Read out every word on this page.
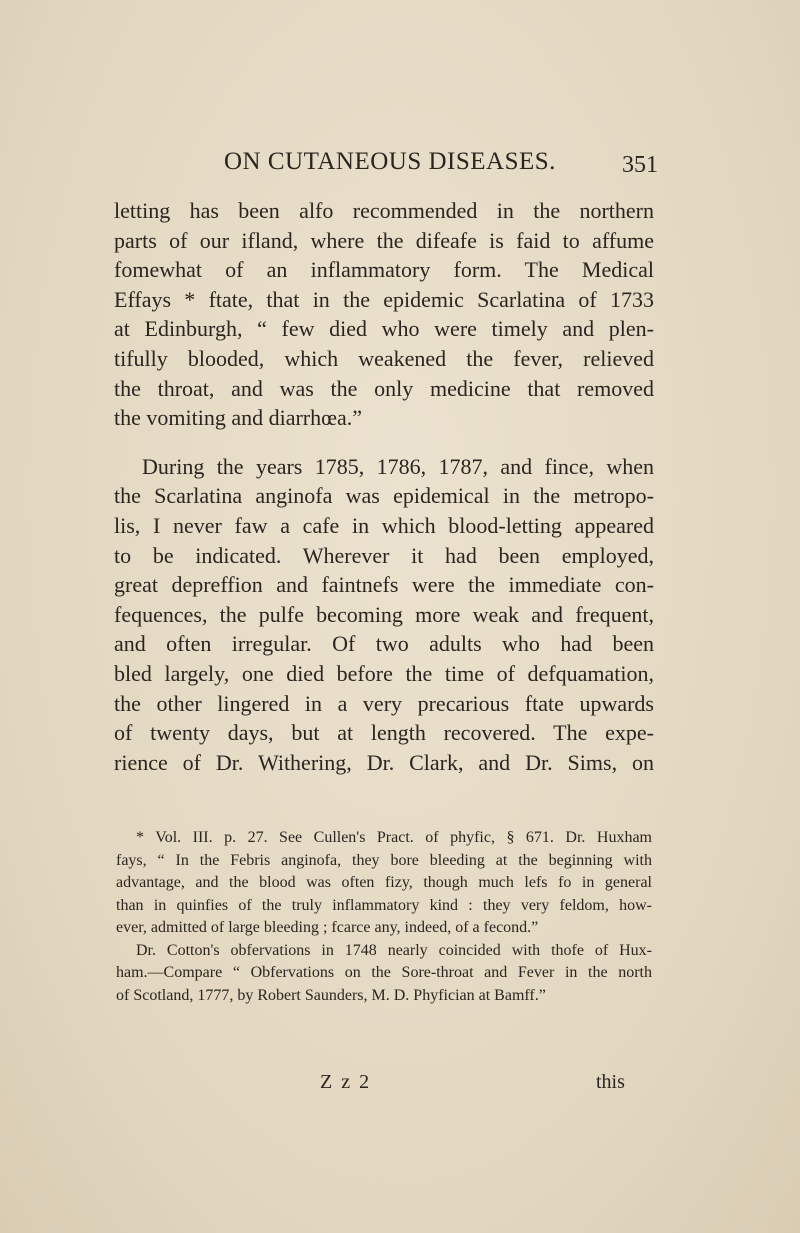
ON CUTANEOUS DISEASES.	351

letting has been alfo recommended in the northern
parts of our ifland, where the difeafe is faid to affume
fomewhat of an inflammatory form. The Medical
Effays * ftate, that in the epidemic Scarlatina of 1733
at Edinburgh, “ few died who were timely and plen-
tifully blooded, which weakened the fever, relieved
the throat, and was the only medicine that removed
the vomiting and diarrhœa.”

During the years 1785, 1786, 1787, and fince, when
the Scarlatina anginofa was epidemical in the metropo-
lis, I never faw a cafe in which blood-letting appeared
to be indicated. Wherever it had been employed,
great depreffion and faintnefs were the immediate con-
fequences, the pulfe becoming more weak and frequent,
and often irregular. Of two adults who had been
bled largely, one died before the time of defquamation,
the other lingered in a very precarious ftate upwards
of twenty days, but at length recovered. The expe-
rience of Dr. Withering, Dr. Clark, and Dr. Sims, on

* Vol. III. p. 27. See Cullen's Pract. of phyfic, § 671. Dr. Huxham
fays, “ In the Febris anginofa, they bore bleeding at the beginning with
advantage, and the blood was often fizy, though much lefs fo in general
than in quinfies of the truly inflammatory kind : they very feldom, how-
ever, admitted of large bleeding ; fcarce any, indeed, of a fecond.”
Dr. Cotton's obfervations in 1748 nearly coincided with thofe of Hux-
ham.—Compare “ Obfervations on the Sore-throat and Fever in the north
of Scotland, 1777, by Robert Saunders, M. D. Phyfician at Bamff.”
Z z 2	this
